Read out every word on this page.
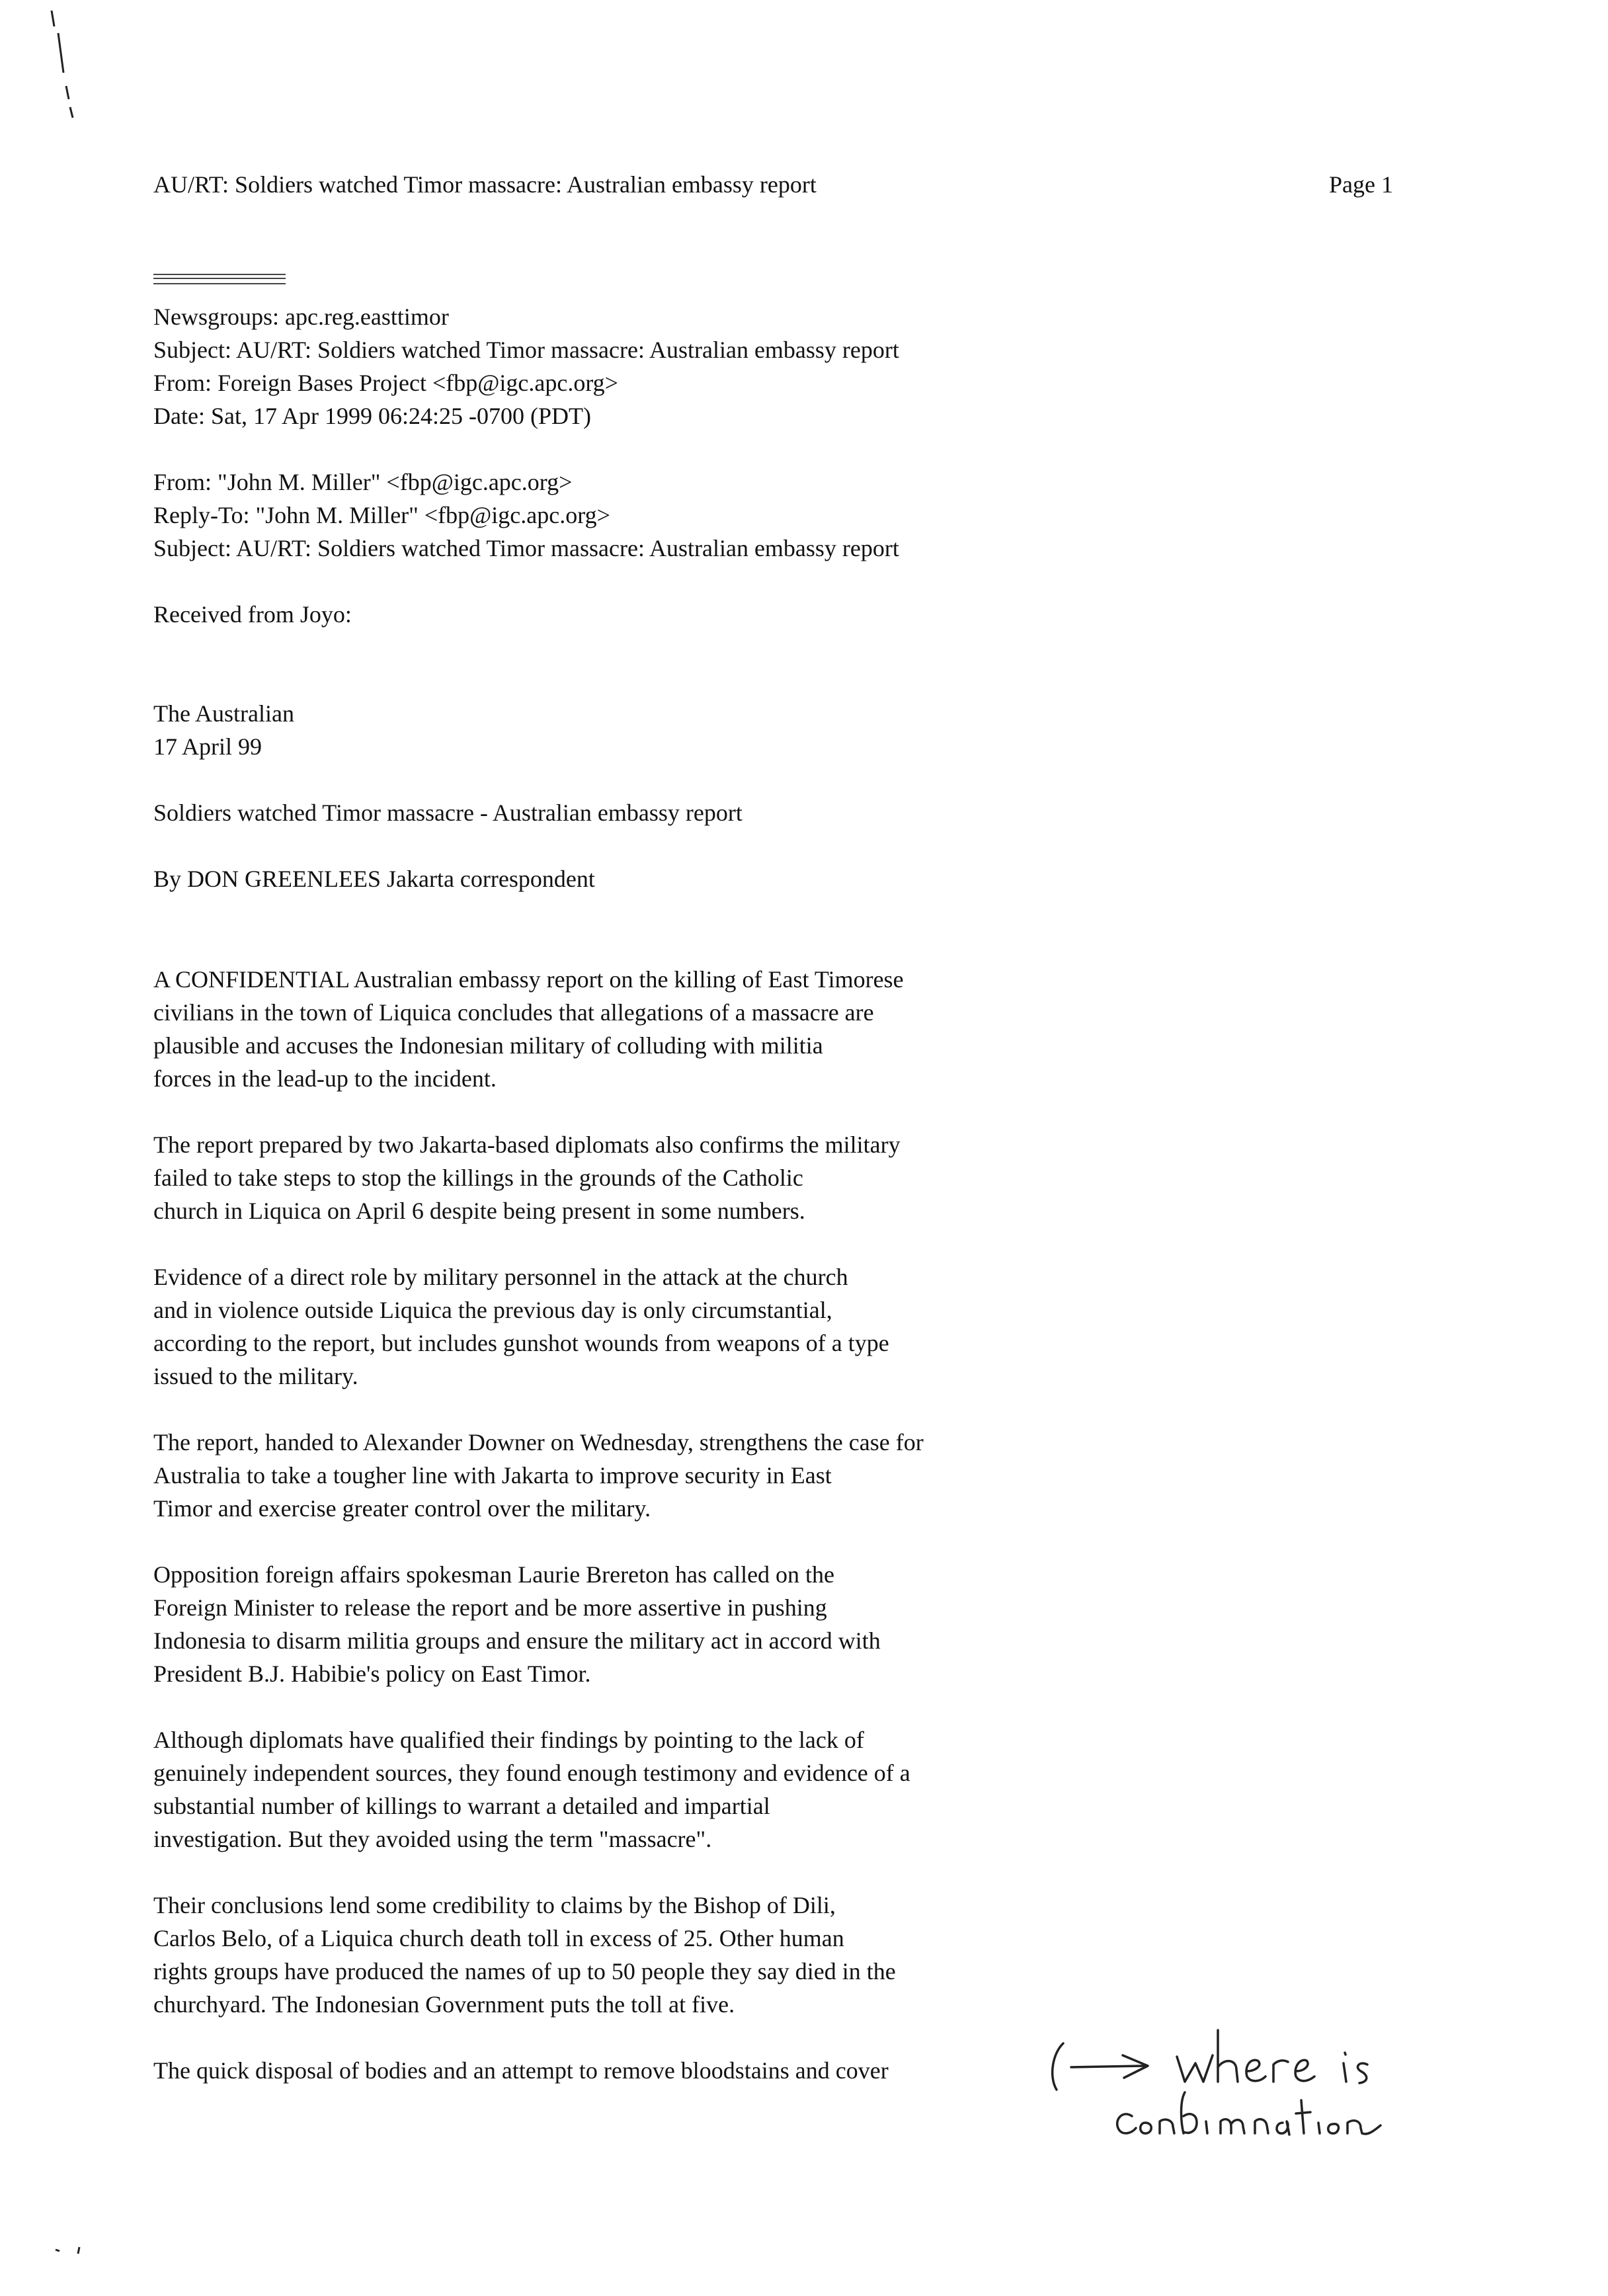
AU/RT: Soldiers watched Timor massacre: Australian embassy report	Page 1
Newsgroups: apc.reg.easttimor
Subject: AU/RT: Soldiers watched Timor massacre: Australian embassy report
From: Foreign Bases Project <fbp@igc.apc.org>
Date: Sat, 17 Apr 1999 06:24:25 -0700 (PDT)
From: "John M. Miller" <fbp@igc.apc.org>
Reply-To: "John M. Miller" <fbp@igc.apc.org>
Subject: AU/RT: Soldiers watched Timor massacre: Australian embassy report
Received from Joyo:
The Australian
17 April 99
Soldiers watched Timor massacre - Australian embassy report
By DON GREENLEES Jakarta correspondent
A CONFIDENTIAL Australian embassy report on the killing of East Timorese
civilians in the town of Liquica concludes that allegations of a massacre are
plausible and accuses the Indonesian military of colluding with militia
forces in the lead-up to the incident.
The report prepared by two Jakarta-based diplomats also confirms the military
failed to take steps to stop the killings in the grounds of the Catholic
church in Liquica on April 6 despite being present in some numbers.
Evidence of a direct role by military personnel in the attack at the church
and in violence outside Liquica the previous day is only circumstantial,
according to the report, but includes gunshot wounds from weapons of a type
issued to the military.
The report, handed to Alexander Downer on Wednesday, strengthens the case for
Australia to take a tougher line with Jakarta to improve security in East
Timor and exercise greater control over the military.
Opposition foreign affairs spokesman Laurie Brereton has called on the
Foreign Minister to release the report and be more assertive in pushing
Indonesia to disarm militia groups and ensure the military act in accord with
President B.J. Habibie's policy on East Timor.
Although diplomats have qualified their findings by pointing to the lack of
genuinely independent sources, they found enough testimony and evidence of a
substantial number of killings to warrant a detailed and impartial
investigation. But they avoided using the term "massacre".
Their conclusions lend some credibility to claims by the Bishop of Dili,
Carlos Belo, of a Liquica church death toll in excess of 25. Other human
rights groups have produced the names of up to 50 people they say died in the
churchyard. The Indonesian Government puts the toll at five.
The quick disposal of bodies and an attempt to remove bloodstains and cover
